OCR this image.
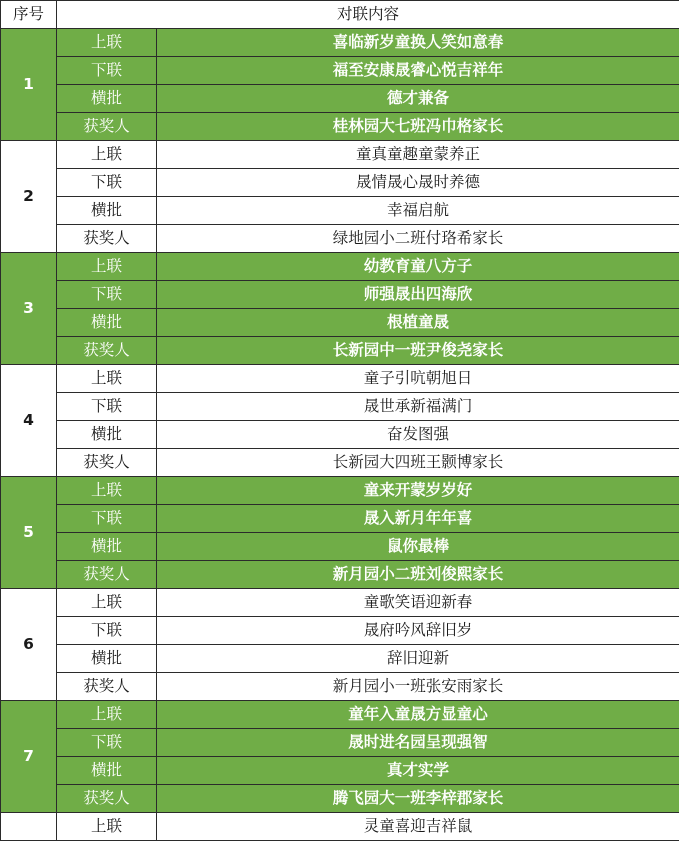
序号	对联内容	
1	上联	喜临新岁童换人笑如意春
	下联	福至安康晟睿心悦吉祥年
	横批	德才兼备
	获奖人	桂林园大七班冯巾格家长
2	上联	童真童趣童蒙养正
	下联	晟情晟心晟时养德
	横批	幸福启航
	获奖人	绿地园小二班付珞希家长
3	上联	幼教育童八方子
	下联	师强晟出四海欣
	横批	根植童晟
	获奖人	长新园中一班尹俊尧家长
4	上联	童子引吭朝旭日
	下联	晟世承新福满门
	横批	奋发图强
	获奖人	长新园大四班王颢博家长
5	上联	童来开蒙岁岁好
	下联	晟入新月年年喜
	横批	鼠你最棒
	获奖人	新月园小二班刘俊熙家长
6	上联	童歌笑语迎新春
	下联	晟府吟风辞旧岁
	横批	辞旧迎新
	获奖人	新月园小一班张安雨家长
7	上联	童年入童晟方显童心
	下联	晟时进名园呈现强智
	横批	真才实学
	获奖人	腾飞园大一班李梓郡家长
	上联	灵童喜迎吉祥鼠
